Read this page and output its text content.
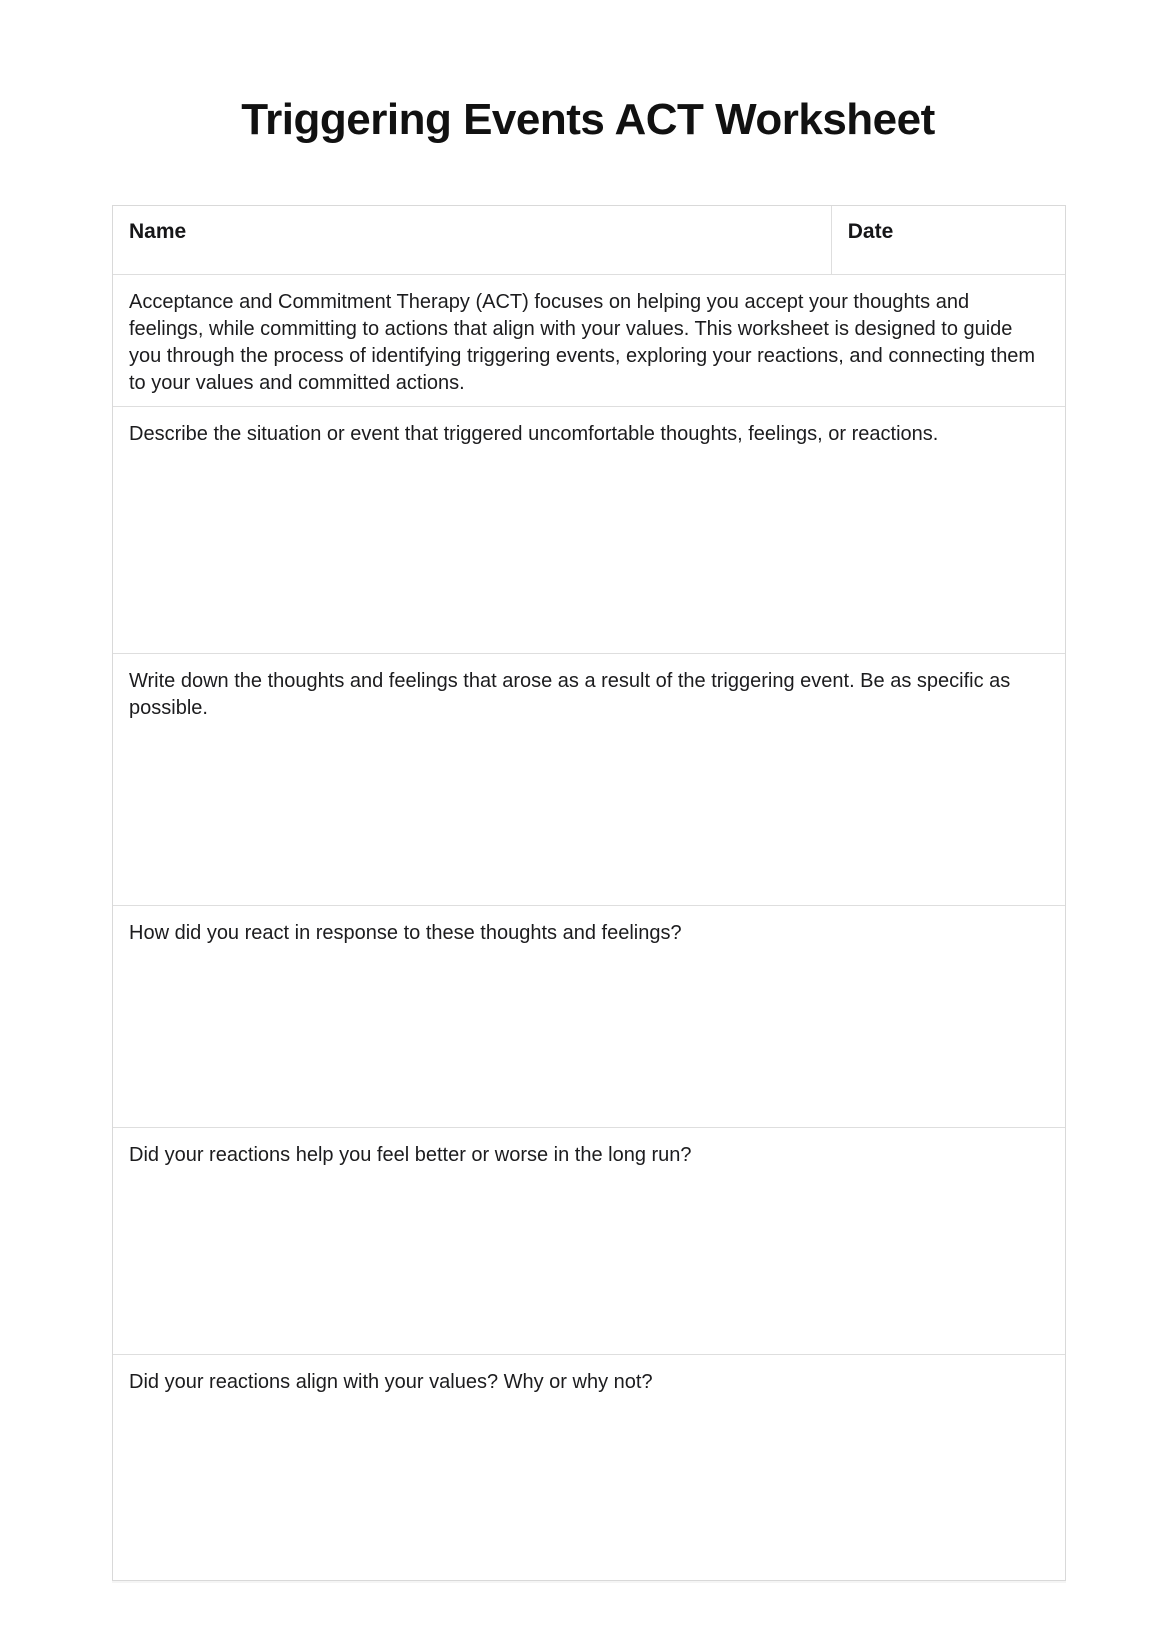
Triggering Events ACT Worksheet
Name	Date

Acceptance and Commitment Therapy (ACT) focuses on helping you accept your thoughts and feelings, while committing to actions that align with your values. This worksheet is designed to guide you through the process of identifying triggering events, exploring your reactions, and connecting them to your values and committed actions.

Describe the situation or event that triggered uncomfortable thoughts, feelings, or reactions.

Write down the thoughts and feelings that arose as a result of the triggering event. Be as specific as possible.

How did you react in response to these thoughts and feelings?

Did your reactions help you feel better or worse in the long run?

Did your reactions align with your values? Why or why not?
